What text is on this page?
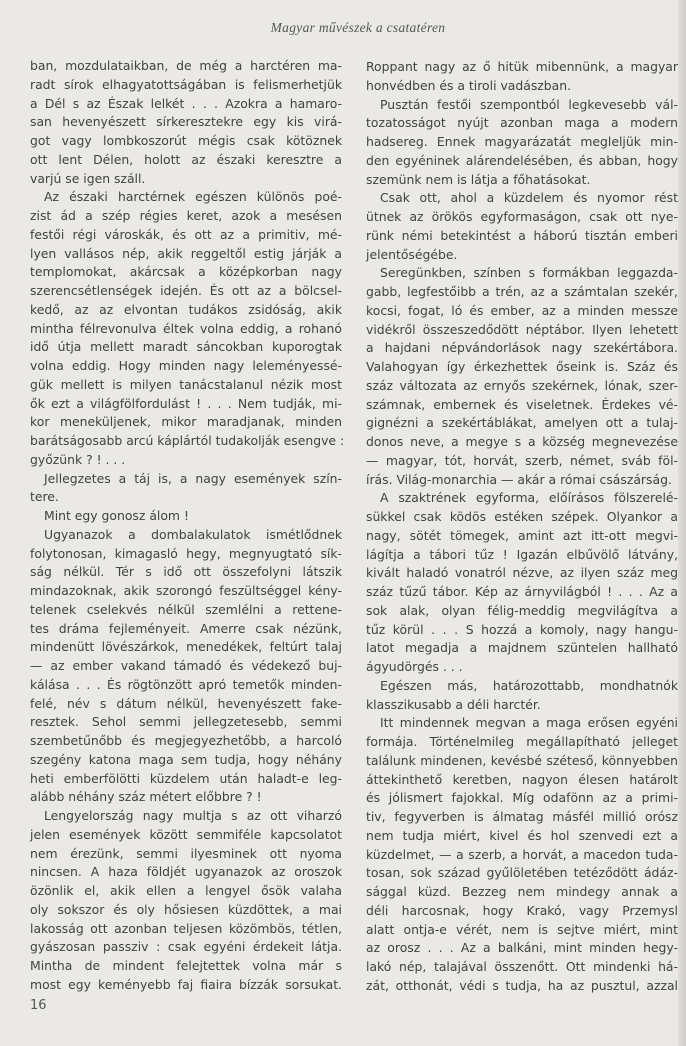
Magyar művészek a csatatéren
ban, mozdulataikban, de még a harctéren ma-
radt sírok elhagyatottságában is felismerhetjük
a Dél s az Észak lelkét . . . Azokra a hamaro-
san hevenyészett sírkeresztekre egy kis virá-
got vagy lombkoszorút mégis csak kötöznek
ott lent Délen, holott az északi keresztre a
varjú se igen száll.
Az északi harctérnek egészen különös poé-
zist ád a szép régies keret, azok a mesésen
festői régi városkák, és ott az a primitiv, mé-
lyen vallásos nép, akik reggeltől estig járják a
templomokat, akárcsak a középkorban nagy
szerencsétlenségek idején. És ott az a bölcsel-
kedő, az az elvontan tudákos zsidóság, akik
mintha félrevonulva éltek volna eddig, a rohanó
idő útja mellett maradt sáncokban kuporogtak
volna eddig. Hogy minden nagy leleményessé-
gük mellett is milyen tanácstalanul nézik most
ők ezt a világfölfordulást ! . . . Nem tudják, mi-
kor meneküljenek, mikor maradjanak, minden
barátságosabb arcú káplártól tudakolják esengve :
győzünk ? ! . . .
Jellegzetes a táj is, a nagy események szín-
tere.
Mint egy gonosz álom !
Ugyanazok a dombalakulatok ismétlődnek
folytonosan, kimagasló hegy, megnyugtató sík-
ság nélkül. Tér s idő ott összefolyni látszik
mindazoknak, akik szorongó feszültséggel kény-
telenek cselekvés nélkül szemlélni a rettene-
tes dráma fejleményeit. Amerre csak nézünk,
mindenütt lövészárkok, menedékek, feltúrt talaj
— az ember vakand támadó és védekező buj-
kálása . . . És rögtönzött apró temetők minden-
felé, név s dátum nélkül, hevenyészett fake-
resztek. Sehol semmi jellegzetesebb, semmi
szembetűnőbb és megjegyezhetőbb, a harcoló
szegény katona maga sem tudja, hogy néhány
heti emberfölötti küzdelem után haladt-e leg-
alább néhány száz métert előbbre ? !
Lengyelország nagy multja s az ott viharzó
jelen események között semmiféle kapcsolatot
nem érezünk, semmi ilyesminek ott nyoma
nincsen. A haza földjét ugyanazok az oroszok
özönlik el, akik ellen a lengyel ősök valaha
oly sokszor és oly hősiesen küzdöttek, a mai
lakosság ott azonban teljesen közömbös, tétlen,
gyászosan passziv : csak egyéni érdekeit látja.
Mintha de mindent felejtettek volna már s
most egy keményebb faj fiaira bízzák sorsukat.
Roppant nagy az ő hitük mibennünk, a magyar
honvédben és a tiroli vadászban.
Pusztán festői szempontból legkevesebb vál-
tozatosságot nyújt azonban maga a modern
hadsereg. Ennek magyarázatát megleljük min-
den egyéninek alárendelésében, és abban, hogy
szemünk nem is látja a főhatásokat.
Csak ott, ahol a küzdelem és nyomor rést
ütnek az örökös egyformaságon, csak ott nye-
rünk némi betekintést a háború tisztán emberi
jelentőségébe.
Seregünkben, színben s formákban leggazda-
gabb, legfestőibb a trén, az a számtalan szekér,
kocsi, fogat, ló és ember, az a minden messze
vidékről összeszedődött néptábor. Ilyen lehetett
a hajdani népvándorlások nagy szekértábora.
Valahogyan így érkezhettek őseink is. Száz és
száz változata az ernyős szekérnek, lónak, szer-
számnak, embernek és viseletnek. Érdekes vé-
gignézni a szekértáblákat, amelyen ott a tulaj-
donos neve, a megye s a község megnevezése
— magyar, tót, horvát, szerb, német, sváb föl-
írás. Világ-monarchia — akár a római császárság.
A szaktrének egyforma, előírásos fölszerelé-
sükkel csak ködös estéken szépek. Olyankor a
nagy, sötét tömegek, amint azt itt-ott megvi-
lágítja a tábori tűz ! Igazán elbűvölő látvány,
kivált haladó vonatról nézve, az ilyen száz meg
száz tűzű tábor. Kép az árnyvilágból ! . . . Az a
sok alak, olyan félig-meddig megvilágítva a
tűz körül . . . S hozzá a komoly, nagy hangu-
latot megadja a majdnem szüntelen hallható
ágyudörgés . . .
Egészen más, határozottabb, mondhatnók
klasszikusabb a déli harctér.
Itt mindennek megvan a maga erősen egyéni
formája. Történelmileg megállapítható jelleget
találunk mindenen, kevésbé széteső, könnyebben
áttekinthető keretben, nagyon élesen határolt
és jólismert fajokkal. Míg odafönn az a primi-
tiv, fegyverben is álmatag másfél millió orósz
nem tudja miért, kivel és hol szenvedi ezt a
küzdelmet, — a szerb, a horvát, a macedon tuda-
tosan, sok század gyűlöletében tetéződött ádáz-
sággal küzd. Bezzeg nem mindegy annak a
déli harcosnak, hogy Krakó, vagy Przemysl
alatt ontja-e vérét, nem is sejtve miért, mint
az orosz . . . Az a balkáni, mint minden hegy-
lakó nép, talajával összenőtt. Ott mindenki há-
zát, otthonát, védi s tudja, ha az pusztul, azzal
16
